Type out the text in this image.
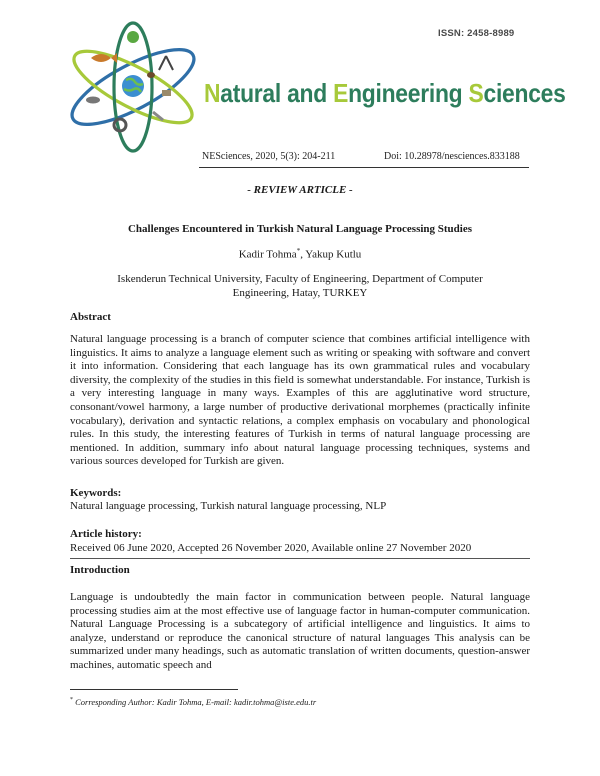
ISSN: 2458-8989
Natural and Engineering Sciences
NESciences, 2020, 5(3): 204-211	Doi: 10.28978/nesciences.833188
- REVIEW ARTICLE -
Challenges Encountered in Turkish Natural Language Processing Studies
Kadir Tohma*, Yakup Kutlu
Iskenderun Technical University, Faculty of Engineering, Department of Computer Engineering, Hatay, TURKEY
Abstract
Natural language processing is a branch of computer science that combines artificial intelligence with linguistics. It aims to analyze a language element such as writing or speaking with software and convert it into information. Considering that each language has its own grammatical rules and vocabulary diversity, the complexity of the studies in this field is somewhat understandable. For instance, Turkish is a very interesting language in many ways. Examples of this are agglutinative word structure, consonant/vowel harmony, a large number of productive derivational morphemes (practically infinite vocabulary), derivation and syntactic relations, a complex emphasis on vocabulary and phonological rules. In this study, the interesting features of Turkish in terms of natural language processing are mentioned. In addition, summary info about natural language processing techniques, systems and various sources developed for Turkish are given.
Keywords:
Natural language processing, Turkish natural language processing, NLP
Article history:
Received 06 June 2020, Accepted 26 November 2020, Available online 27 November 2020
Introduction
Language is undoubtedly the main factor in communication between people. Natural language processing studies aim at the most effective use of language factor in human-computer communication. Natural Language Processing is a subcategory of artificial intelligence and linguistics. It aims to analyze, understand or reproduce the canonical structure of natural languages This analysis can be summarized under many headings, such as automatic translation of written documents, question-answer machines, automatic speech and
* Corresponding Author: Kadir Tohma, E-mail: kadir.tohma@iste.edu.tr
